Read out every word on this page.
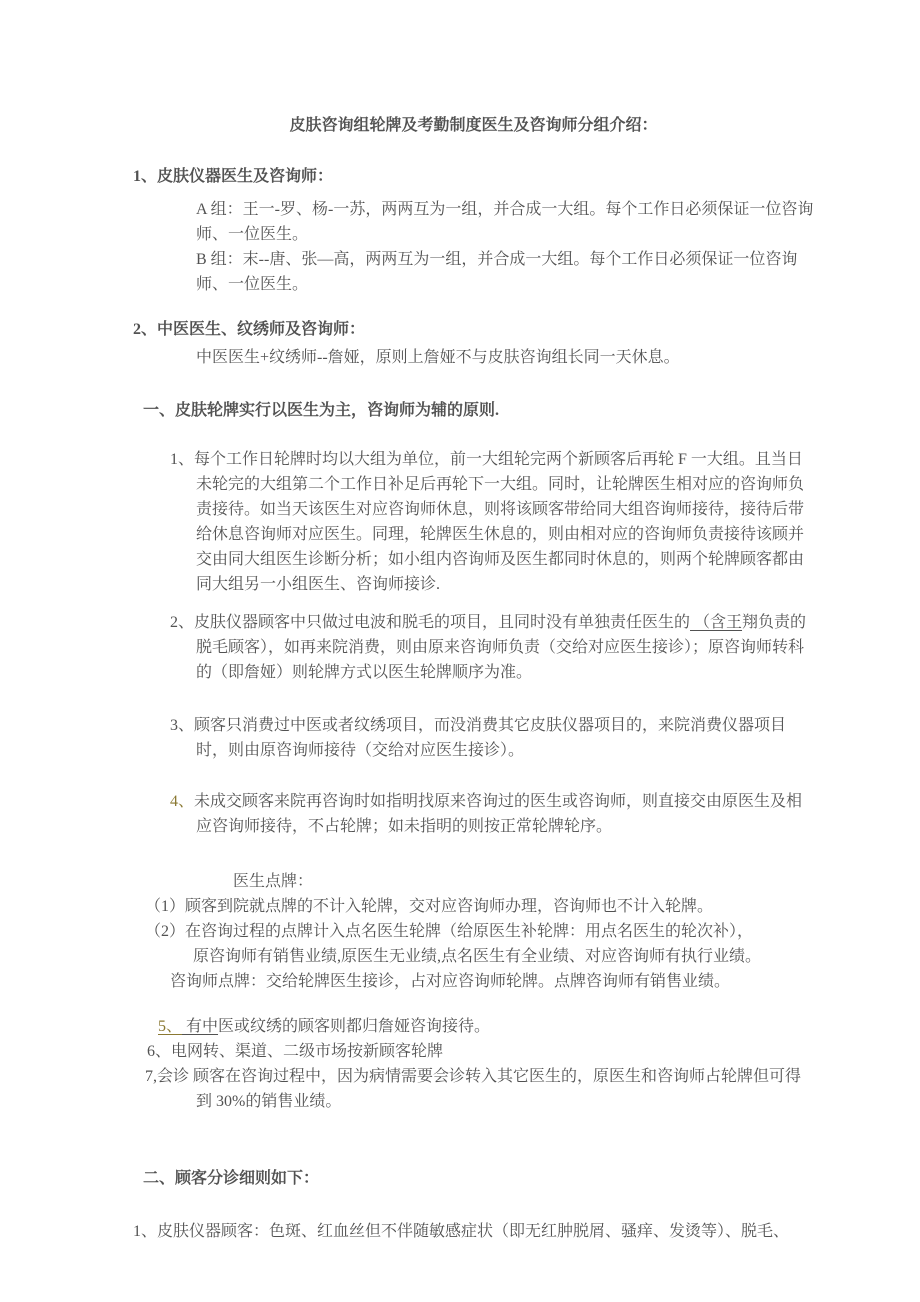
皮肤咨询组轮牌及考勤制度医生及咨询师分组介绍：

1、皮肤仪器医生及咨询师：

A 组：王一-罗、杨-一苏，两两互为一组，并合成一大组。每个工作日必须保证一位咨询师、一位医生。

B 组：末--唐、张—高，两两互为一组，并合成一大组。每个工作日必须保证一位咨询师、一位医生。

2、中医医生、纹绣师及咨询师：

中医医生+纹绣师--詹娅，原则上詹娅不与皮肤咨询组长同一天休息。

一、皮肤轮牌实行以医生为主，咨询师为辅的原则.

1、每个工作日轮牌时均以大组为单位，前一大组轮完两个新顾客后再轮 F 一大组。且当日未轮完的大组第二个工作日补足后再轮下一大组。同时，让轮牌医生相对应的咨询师负责接待。如当天该医生对应咨询师休息，则将该顾客带给同大组咨询师接待，接待后带给休息咨询师对应医生。同理，轮牌医生休息的，则由相对应的咨询师负责接待该顾并交由同大组医生诊断分析；如小组内咨询师及医生都同时休息的，则两个轮牌顾客都由同大组另一小组医生、咨询师接诊.

2、皮肤仪器顾客中只做过电波和脱毛的项目，且同时没有单独责任医生的 （含王翔负责的脱毛顾客），如再来院消费，则由原来咨询师负责（交给对应医生接诊）；原咨询师转科的（即詹娅）则轮牌方式以医生轮牌顺序为准。

3、顾客只消费过中医或者纹绣项目，而没消费其它皮肤仪器项目的，来院消费仪器项目时，则由原咨询师接待（交给对应医生接诊）。

4、未成交顾客来院再咨询时如指明找原来咨询过的医生或咨询师，则直接交由原医生及相应咨询师接待，不占轮牌；如未指明的则按正常轮牌轮序。

医生点牌：

（1）顾客到院就点牌的不计入轮牌，交对应咨询师办理，咨询师也不计入轮牌。

（2）在咨询过程的点牌计入点名医生轮牌（给原医生补轮牌：用点名医生的轮次补），

原咨询师有销售业绩,原医生无业绩,点名医生有全业绩、对应咨询师有执行业绩。

咨询师点牌：交给轮牌医生接诊，占对应咨询师轮牌。点牌咨询师有销售业绩。

5、 有中医或纹绣的顾客则都归詹娅咨询接待。

6、电网转、渠道、二级市场按新顾客轮牌

7,会诊 顾客在咨询过程中，因为病情需要会诊转入其它医生的，原医生和咨询师占轮牌但可得到 30%的销售业绩。

二、顾客分诊细则如下：

1、皮肤仪器顾客：色斑、红血丝但不伴随敏感症状（即无红肿脱屑、骚痒、发烫等）、脱毛、
